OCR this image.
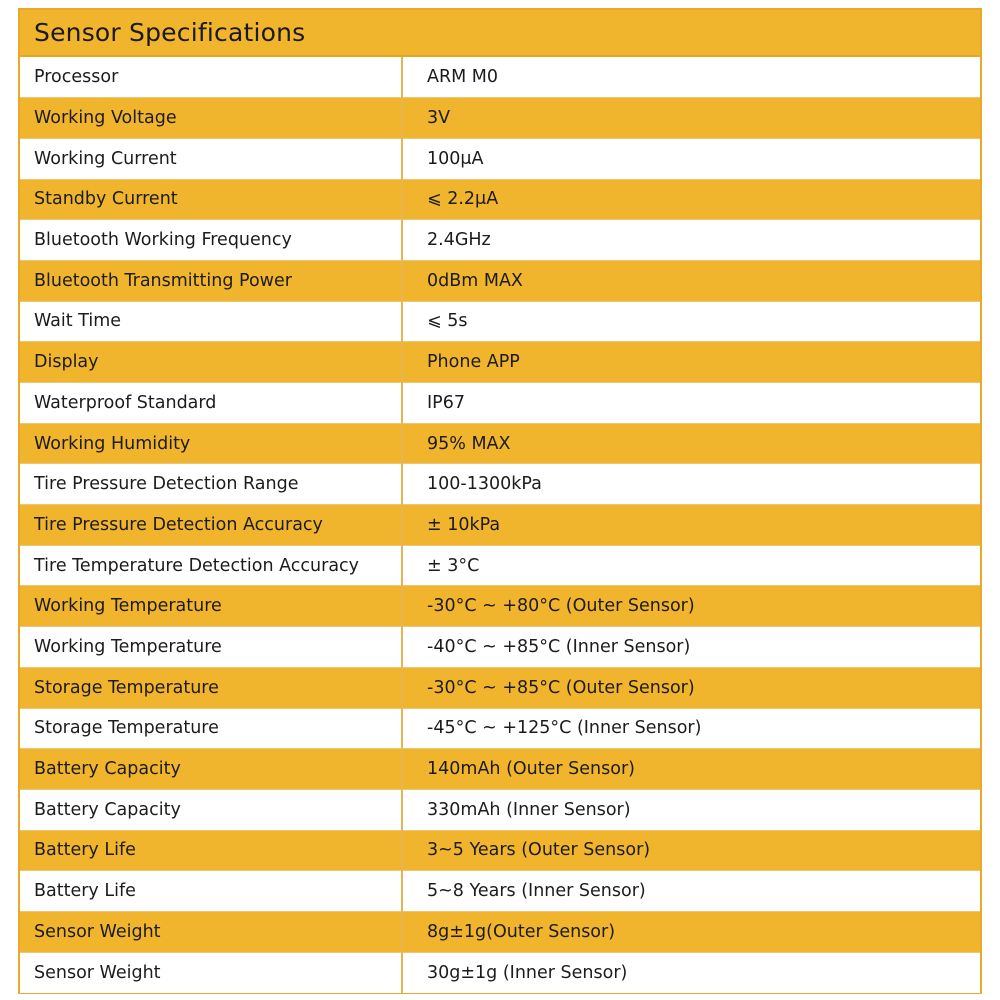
Sensor Specifications
Processor	ARM M0
Working Voltage	3V
Working Current	100μA
Standby Current	⩽ 2.2μA
Bluetooth Working Frequency	2.4GHz
Bluetooth Transmitting Power	0dBm MAX
Wait Time	⩽ 5s
Display	Phone APP
Waterproof Standard	IP67
Working Humidity	95% MAX
Tire Pressure Detection Range	100-1300kPa
Tire Pressure Detection Accuracy	± 10kPa
Tire Temperature Detection Accuracy	± 3°C
Working Temperature	-30°C ~ +80°C (Outer Sensor)
Working Temperature	-40°C ~ +85°C (Inner Sensor)
Storage Temperature	-30°C ~ +85°C (Outer Sensor)
Storage Temperature	-45°C ~ +125°C (Inner Sensor)
Battery Capacity	140mAh (Outer Sensor)
Battery Capacity	330mAh (Inner Sensor)
Battery Life	3~5 Years (Outer Sensor)
Battery Life	5~8 Years (Inner Sensor)
Sensor Weight	8g±1g(Outer Sensor)
Sensor Weight	30g±1g (Inner Sensor)
